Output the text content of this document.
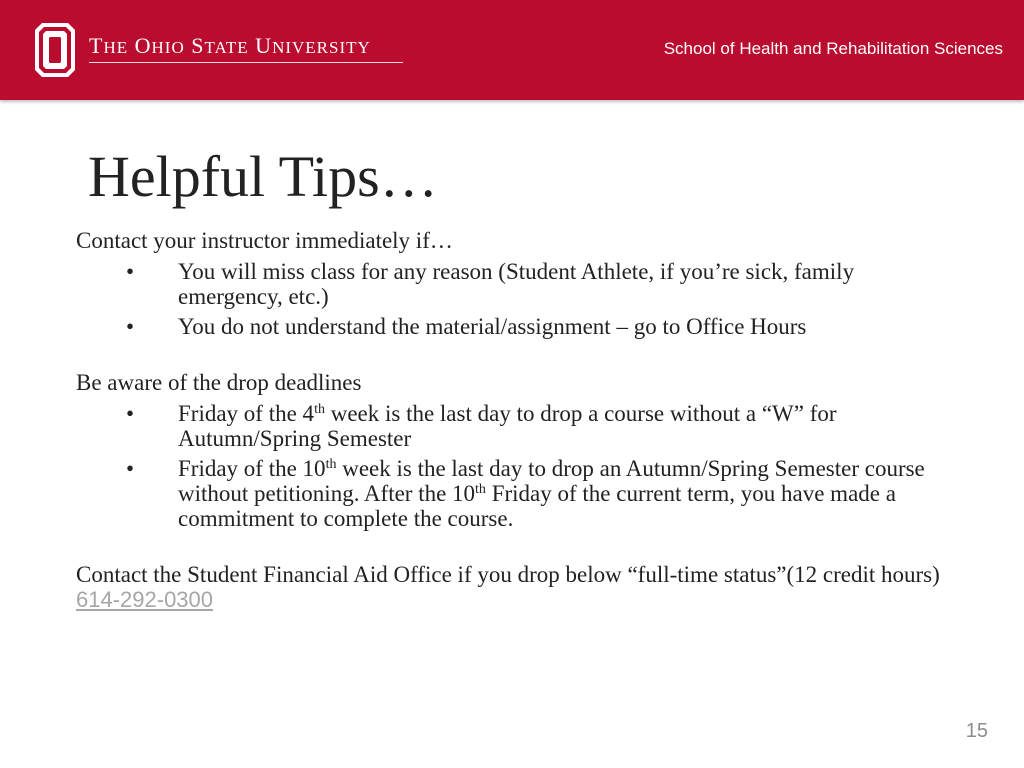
THE OHIO STATE UNIVERSITY	School of Health and Rehabilitation Sciences
Helpful Tips…

Contact your instructor immediately if…

• You will miss class for any reason (Student Athlete, if you’re sick, family emergency, etc.)
• You do not understand the material/assignment – go to Office Hours

Be aware of the drop deadlines

• Friday of the 4th week is the last day to drop a course without a “W” for Autumn/Spring Semester
• Friday of the 10th week is the last day to drop an Autumn/Spring Semester course without petitioning. After the 10th Friday of the current term, you have made a commitment to complete the course.

Contact the Student Financial Aid Office if you drop below “full-time status”(12 credit hours) 614-292-0300

15
